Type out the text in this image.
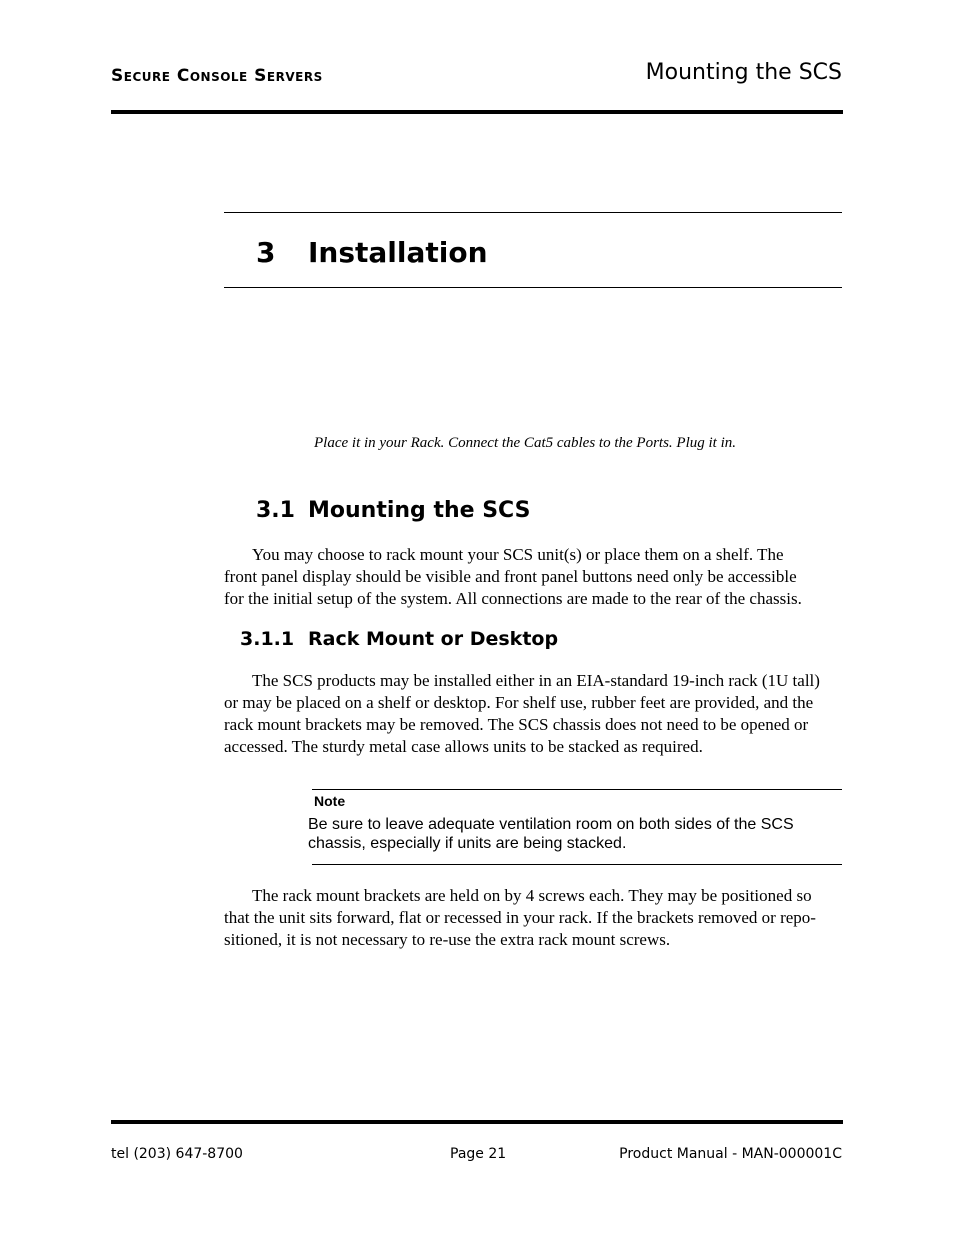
Secure Console Servers	Mounting the SCS
3 Installation
Place it in your Rack. Connect the Cat5 cables to the Ports. Plug it in.
3.1 Mounting the SCS

You may choose to rack mount your SCS unit(s) or place them on a shelf. The
front panel display should be visible and front panel buttons need only be accessible
for the initial setup of the system. All connections are made to the rear of the chassis.

3.1.1 Rack Mount or Desktop

The SCS products may be installed either in an EIA-standard 19-inch rack (1U tall)
or may be placed on a shelf or desktop. For shelf use, rubber feet are provided, and the
rack mount brackets may be removed. The SCS chassis does not need to be opened or
accessed. The sturdy metal case allows units to be stacked as required.

Note
Be sure to leave adequate ventilation room on both sides of the SCS
chassis, especially if units are being stacked.

The rack mount brackets are held on by 4 screws each. They may be positioned so
that the unit sits forward, flat or recessed in your rack. If the brackets removed or repo-
sitioned, it is not necessary to re-use the extra rack mount screws.

tel (203) 647-8700	Page 21	Product Manual - MAN-000001C
